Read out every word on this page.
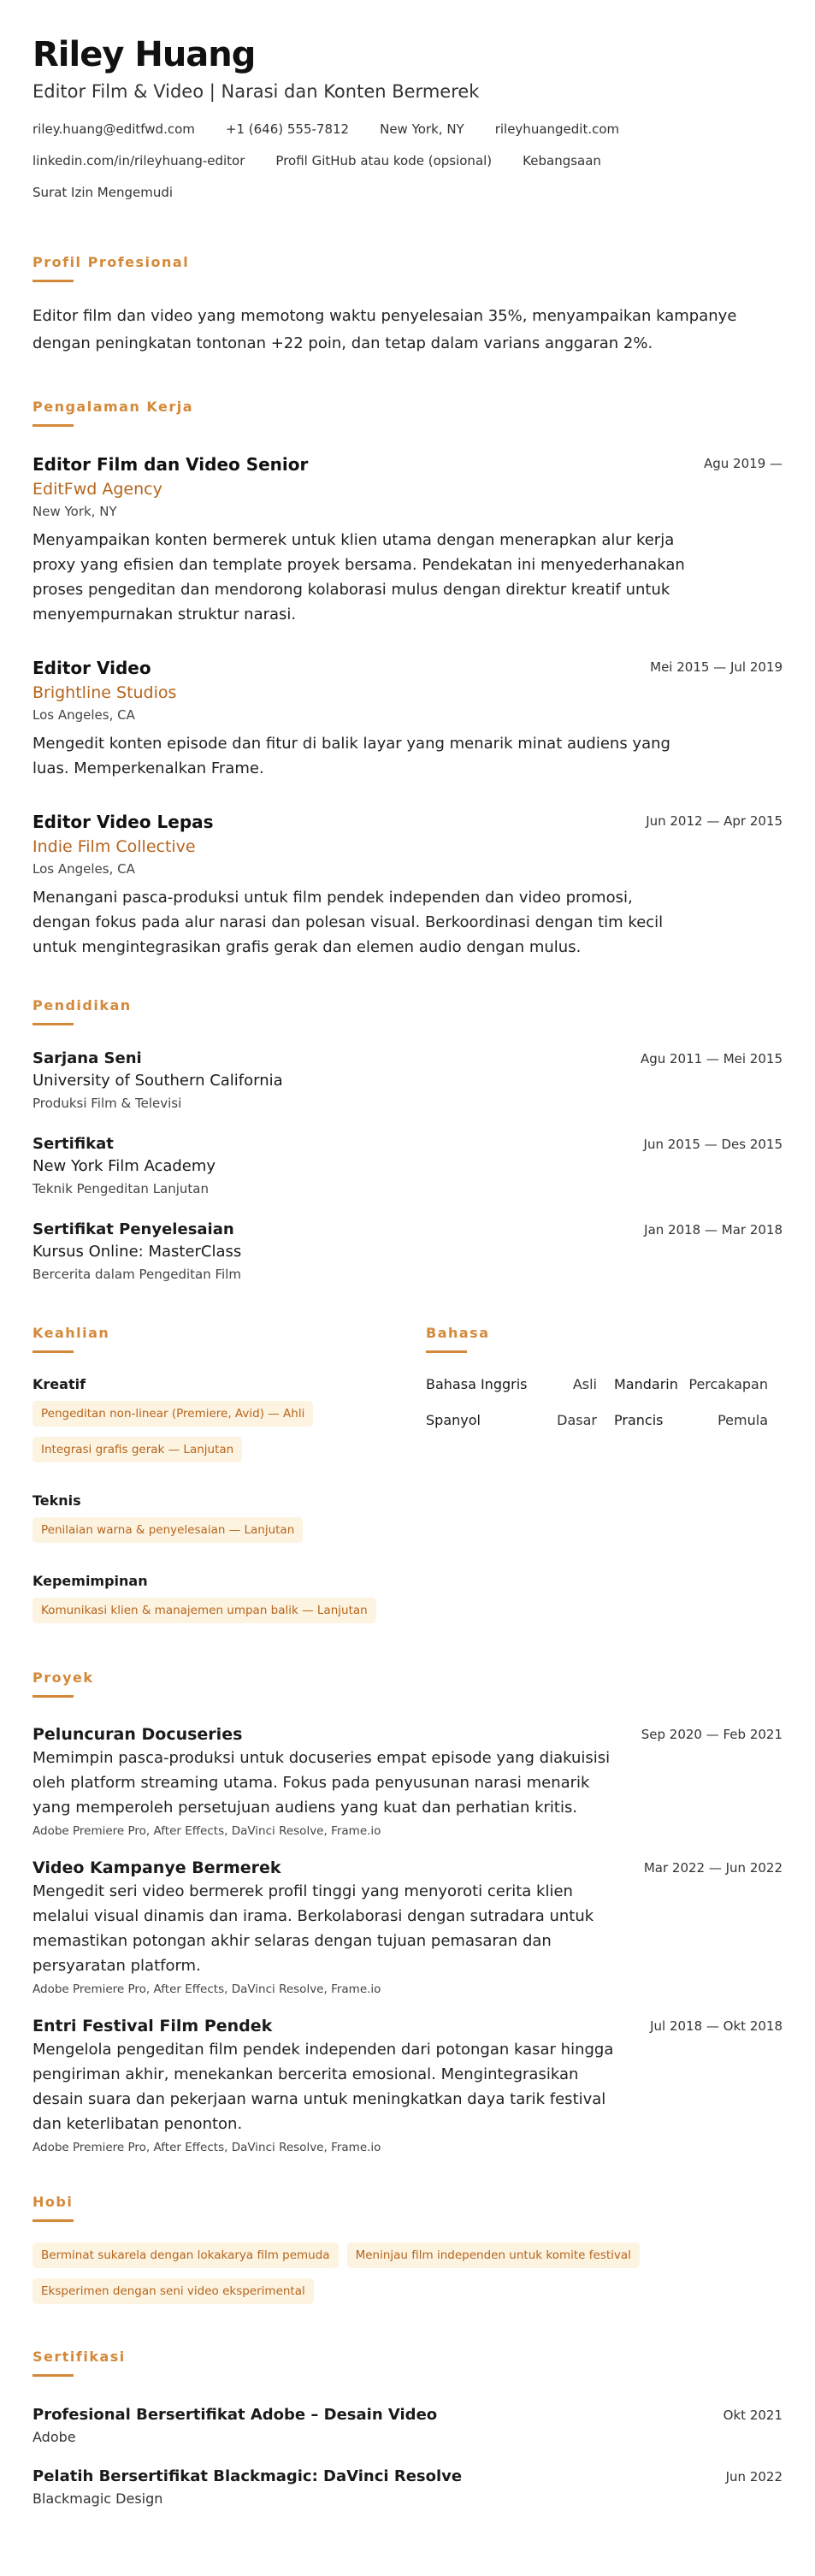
Riley Huang
Editor Film & Video | Narasi dan Konten Bermerek
riley.huang@editfwd.com +1 (646) 555-7812 New York, NY rileyhuangedit.com
linkedin.com/in/rileyhuang-editor Profil GitHub atau kode (opsional) Kebangsaan
Surat Izin Mengemudi
Profil Profesional

Editor film dan video yang memotong waktu penyelesaian 35%, menyampaikan kampanye dengan peningkatan tontonan +22 poin, dan tetap dalam varians anggaran 2%.

Pengalaman Kerja
Agu 2019 —
Editor Film dan Video Senior
EditFwd Agency
New York, NY

Menyampaikan konten bermerek untuk klien utama dengan menerapkan alur kerja proxy yang efisien dan template proyek bersama. Pendekatan ini menyederhanakan proses pengeditan dan mendorong kolaborasi mulus dengan direktur kreatif untuk menyempurnakan struktur narasi.

Mei 2015 — Jul 2019
Editor Video
Brightline Studios
Los Angeles, CA

Mengedit konten episode dan fitur di balik layar yang menarik minat audiens yang luas. Memperkenalkan Frame.

Jun 2012 — Apr 2015
Editor Video Lepas
Indie Film Collective
Los Angeles, CA

Menangani pasca-produksi untuk film pendek independen dan video promosi, dengan fokus pada alur narasi dan polesan visual. Berkoordinasi dengan tim kecil untuk mengintegrasikan grafis gerak dan elemen audio dengan mulus.

Pendidikan
Agu 2011 — Mei 2015
Sarjana Seni
University of Southern California
Produksi Film & Televisi
Jun 2015 — Des 2015
Sertifikat
New York Film Academy
Teknik Pengeditan Lanjutan
Jan 2018 — Mar 2018
Sertifikat Penyelesaian
Kursus Online: MasterClass
Bercerita dalam Pengeditan Film
Keahlian
Kreatif
Pengeditan non-linear (Premiere, Avid) — Ahli
Integrasi grafis gerak — Lanjutan
Teknis
Penilaian warna & penyelesaian — Lanjutan
Kepemimpinan
Komunikasi klien & manajemen umpan balik — Lanjutan
Bahasa
Bahasa Inggris	Asli Mandarin Percakapan
Spanyol	Dasar Prancis	Pemula
Proyek
Sep 2020 — Feb 2021
Peluncuran Docuseries

Memimpin pasca-produksi untuk docuseries empat episode yang diakuisisi oleh platform streaming utama. Fokus pada penyusunan narasi menarik yang memperoleh persetujuan audiens yang kuat dan perhatian kritis.

Adobe Premiere Pro, After Effects, DaVinci Resolve, Frame.io
Mar 2022 — Jun 2022
Video Kampanye Bermerek

Mengedit seri video bermerek profil tinggi yang menyoroti cerita klien melalui visual dinamis dan irama. Berkolaborasi dengan sutradara untuk memastikan potongan akhir selaras dengan tujuan pemasaran dan persyaratan platform.

Adobe Premiere Pro, After Effects, DaVinci Resolve, Frame.io
Jul 2018 — Okt 2018
Entri Festival Film Pendek

Mengelola pengeditan film pendek independen dari potongan kasar hingga pengiriman akhir, menekankan bercerita emosional. Mengintegrasikan desain suara dan pekerjaan warna untuk meningkatkan daya tarik festival dan keterlibatan penonton.

Adobe Premiere Pro, After Effects, DaVinci Resolve, Frame.io
Hobi
Berminat sukarela dengan lokakarya film pemuda	Meninjau film independen untuk komite festival
Eksperimen dengan seni video eksperimental
Sertifikasi
Okt 2021
Profesional Bersertifikat Adobe – Desain Video
Adobe
Jun 2022
Pelatih Bersertifikat Blackmagic: DaVinci Resolve
Blackmagic Design
